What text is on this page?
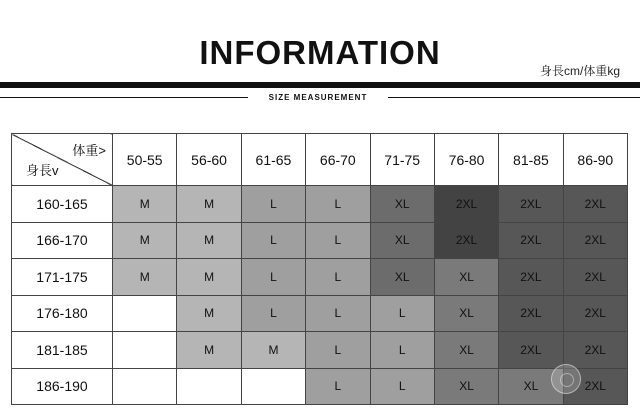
INFORMATION	身長cm/体重kg
SIZE MEASUREMENT
体重>
身長v	50-55	56-60	61-65	66-70	71-75	76-80	81-85	86-90
160-165	M	M	L	L	XL	2XL	2XL	2XL
166-170	M	M	L	L	XL	2XL	2XL	2XL
171-175	M	M	L	L	XL	XL	2XL	2XL
176-180		M	L	L	L	XL	2XL	2XL
181-185		M	M	L	L	XL	2XL	2XL
186-190				L	L	XL	XL	2XL
